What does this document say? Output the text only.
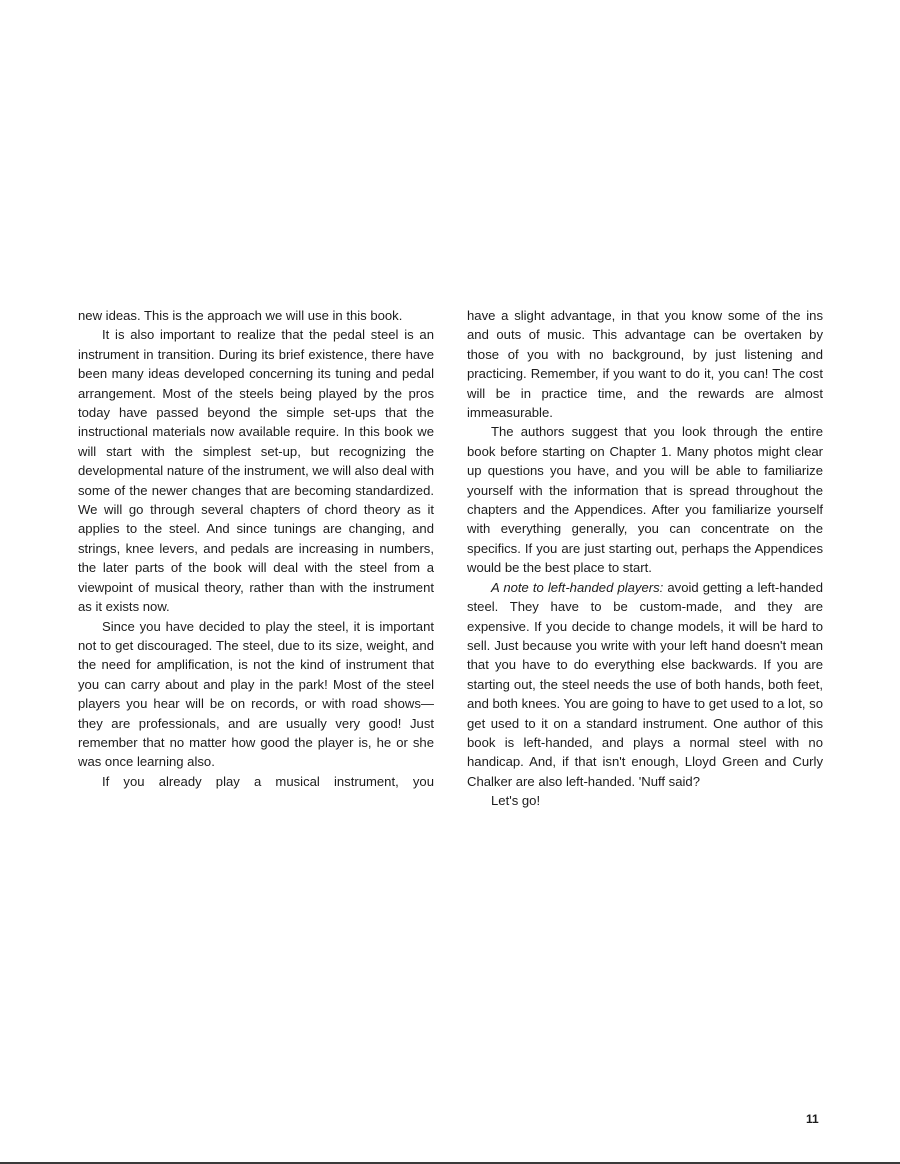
new ideas. This is the approach we will use in this book.

It is also important to realize that the pedal steel is an instrument in transition. During its brief existence, there have been many ideas developed concerning its tuning and pedal arrangement. Most of the steels being played by the pros today have passed beyond the simple set-ups that the instructional materials now available require. In this book we will start with the simplest set-up, but recognizing the developmental nature of the instrument, we will also deal with some of the newer changes that are becoming standardized. We will go through several chapters of chord theory as it applies to the steel. And since tunings are changing, and strings, knee levers, and pedals are increasing in numbers, the later parts of the book will deal with the steel from a viewpoint of musical theory, rather than with the instrument as it exists now.

Since you have decided to play the steel, it is important not to get discouraged. The steel, due to its size, weight, and the need for amplification, is not the kind of instrument that you can carry about and play in the park! Most of the steel players you hear will be on records, or with road shows—they are professionals, and are usually very good! Just remember that no matter how good the player is, he or she was once learning also.

If you already play a musical instrument, you

have a slight advantage, in that you know some of the ins and outs of music. This advantage can be overtaken by those of you with no background, by just listening and practicing. Remember, if you want to do it, you can! The cost will be in practice time, and the rewards are almost immeasurable.

The authors suggest that you look through the entire book before starting on Chapter 1. Many photos might clear up questions you have, and you will be able to familiarize yourself with the information that is spread throughout the chapters and the Appendices. After you familiarize yourself with everything generally, you can concentrate on the specifics. If you are just starting out, perhaps the Appendices would be the best place to start.

A note to left-handed players: avoid getting a left-handed steel. They have to be custom-made, and they are expensive. If you decide to change models, it will be hard to sell. Just because you write with your left hand doesn't mean that you have to do everything else backwards. If you are starting out, the steel needs the use of both hands, both feet, and both knees. You are going to have to get used to a lot, so get used to it on a standard instrument. One author of this book is left-handed, and plays a normal steel with no handicap. And, if that isn't enough, Lloyd Green and Curly Chalker are also left-handed. 'Nuff said?

Let's go!

11
